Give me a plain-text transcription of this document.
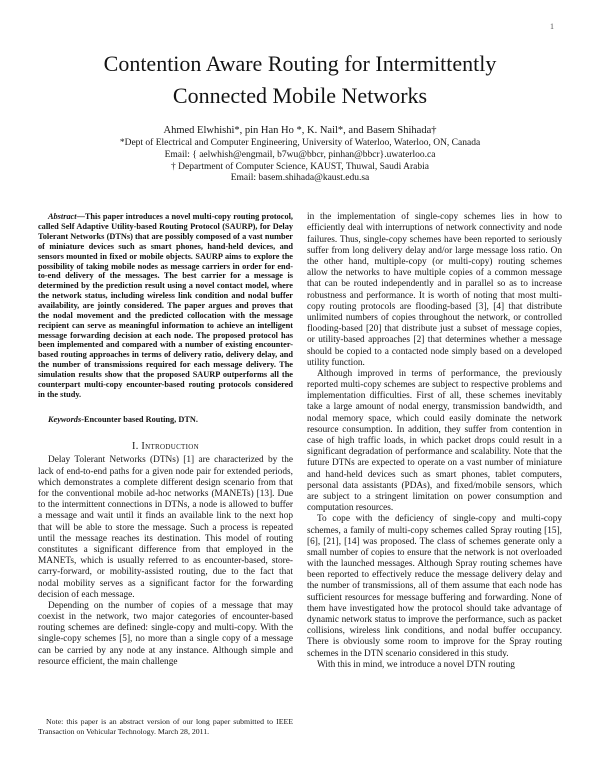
1
Contention Aware Routing for Intermittently
Connected Mobile Networks
Ahmed Elwhishi*, pin Han Ho *, K. Nail*, and Basem Shihada†
*Dept of Electrical and Computer Engineering, University of Waterloo, Waterloo, ON, Canada
Email: { aelwhish@engmail, b7wu@bbcr, pinhan@bbcr}.uwaterloo.ca
† Department of Computer Science, KAUST, Thuwal, Saudi Arabia
Email: basem.shihada@kaust.edu.sa

Abstract—This paper introduces a novel multi-copy routing protocol, called Self Adaptive Utility-based Routing Protocol (SAURP), for Delay Tolerant Networks (DTNs) that are possibly composed of a vast number of miniature devices such as smart phones, hand-held devices, and sensors mounted in fixed or mobile objects. SAURP aims to explore the possibility of taking mobile nodes as message carriers in order for end-to-end delivery of the messages. The best carrier for a message is determined by the prediction result using a novel contact model, where the network status, including wireless link condition and nodal buffer availability, are jointly considered. The paper argues and proves that the nodal movement and the predicted collocation with the message recipient can serve as meaningful information to achieve an intelligent message forwarding decision at each node. The proposed protocol has been implemented and compared with a number of existing encounter-based routing approaches in terms of delivery ratio, delivery delay, and the number of transmissions required for each message delivery. The simulation results show that the proposed SAURP outperforms all the counterpart multi-copy encounter-based routing protocols considered in the study.

Keywords-Encounter based Routing, DTN.

I. Introduction

Delay Tolerant Networks (DTNs) [1] are characterized by the lack of end-to-end paths for a given node pair for extended periods, which demonstrates a complete different design scenario from that for the conventional mobile ad-hoc networks (MANETs) [13]. Due to the intermittent connections in DTNs, a node is allowed to buffer a message and wait until it finds an available link to the next hop that will be able to store the message. Such a process is repeated until the message reaches its destination. This model of routing constitutes a significant difference from that employed in the MANETs, which is usually referred to as encounter-based, store-carry-forward, or mobility-assisted routing, due to the fact that nodal mobility serves as a significant factor for the forwarding decision of each message.

Depending on the number of copies of a message that may coexist in the network, two major categories of encounter-based routing schemes are defined: single-copy and multi-copy. With the single-copy schemes [5], no more than a single copy of a message can be carried by any node at any instance. Although simple and resource efficient, the main challenge

Note: this paper is an abstract version of our long paper submitted to IEEE Transaction on Vehicular Technology. March 28, 2011.

in the implementation of single-copy schemes lies in how to efficiently deal with interruptions of network connectivity and node failures. Thus, single-copy schemes have been reported to seriously suffer from long delivery delay and/or large message loss ratio. On the other hand, multiple-copy (or multi-copy) routing schemes allow the networks to have multiple copies of a common message that can be routed independently and in parallel so as to increase robustness and performance. It is worth of noting that most multi-copy routing protocols are flooding-based [3], [4] that distribute unlimited numbers of copies throughout the network, or controlled flooding-based [20] that distribute just a subset of message copies, or utility-based approaches [2] that determines whether a message should be copied to a contacted node simply based on a developed utility function.

Although improved in terms of performance, the previously reported multi-copy schemes are subject to respective problems and implementation difficulties. First of all, these schemes inevitably take a large amount of nodal energy, transmission bandwidth, and nodal memory space, which could easily dominate the network resource consumption. In addition, they suffer from contention in case of high traffic loads, in which packet drops could result in a significant degradation of performance and scalability. Note that the future DTNs are expected to operate on a vast number of miniature and hand-held devices such as smart phones, tablet computers, personal data assistants (PDAs), and fixed/mobile sensors, which are subject to a stringent limitation on power consumption and computation resources.

To cope with the deficiency of single-copy and multi-copy schemes, a family of multi-copy schemes called Spray routing [15], [6], [21], [14] was proposed. The class of schemes generate only a small number of copies to ensure that the network is not overloaded with the launched messages. Although Spray routing schemes have been reported to effectively reduce the message delivery delay and the number of transmissions, all of them assume that each node has sufficient resources for message buffering and forwarding. None of them have investigated how the protocol should take advantage of dynamic network status to improve the performance, such as packet collisions, wireless link conditions, and nodal buffer occupancy. There is obviously some room to improve for the Spray routing schemes in the DTN scenario considered in this study.

With this in mind, we introduce a novel DTN routing
